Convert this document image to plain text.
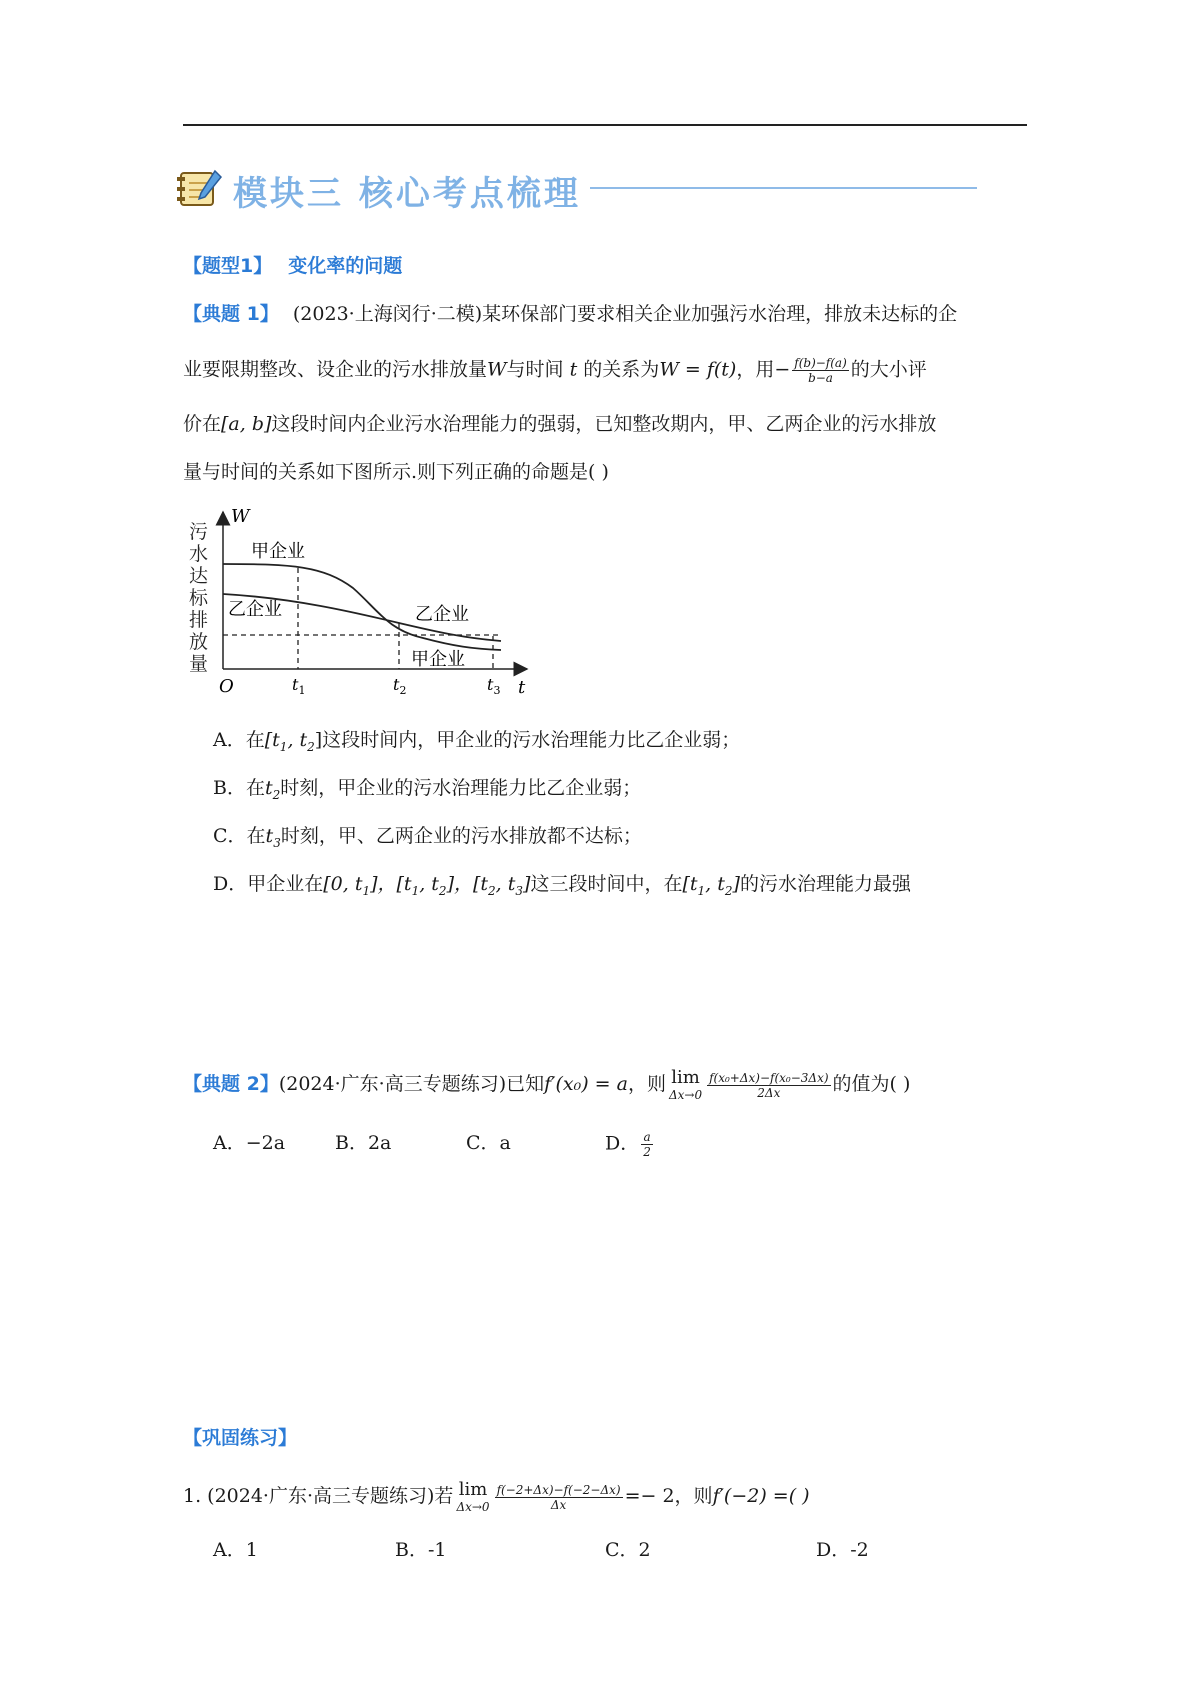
模块三 核心考点梳理
【题型1】 变化率的问题
【典题 1】 (2023·上海闵行·二模)某环保部门要求相关企业加强污水治理，排放未达标的企
业要限期整改、设企业的污水排放量W与时间 t 的关系为W = f(t)，用− $\frac{f(b)-f(a)}{b-a}$ 的大小评
价在[a, b]这段时间内企业污水治理能力的强弱，已知整改期内，甲、乙两企业的污水排放
量与时间的关系如下图所示.则下列正确的命题是( )
污
水
达
标
排
放
量
W
t
O
甲企业
乙企业	乙企业
甲企业
$t_1$	$t_2$	$t_3$
A．在[$t_1$, $t_2$]这段时间内，甲企业的污水治理能力比乙企业弱；
B．在$t_2$时刻，甲企业的污水治理能力比乙企业弱；
C．在$t_3$时刻，甲、乙两企业的污水排放都不达标；
D．甲企业在[0, $t_1$]，[$t_1$, $t_2$]，[$t_2$, $t_3$]这三段时间中，在[$t_1$, $t_2$]的污水治理能力最强
【典题 2】(2024·广东·高三专题练习)已知f′(x₀) = a，则 lim
$\Delta x\to 0 \frac{\text{f(x₀+Δx)−f(x₀−3Δx)}}{2\Delta x}$ 的值为( )
A．−2a	B．2a	C．a	D． $\frac{a}{2}$
【巩固练习】
1. (2024·广东·高三专题练习)若 lim
$\Delta x\to 0 \frac{f(-2+\Delta x)-f(-2-\Delta x)}{\Delta x} =- 2$，则f′(−2) =( )
A．1	B．-1	C．2	D．-2
